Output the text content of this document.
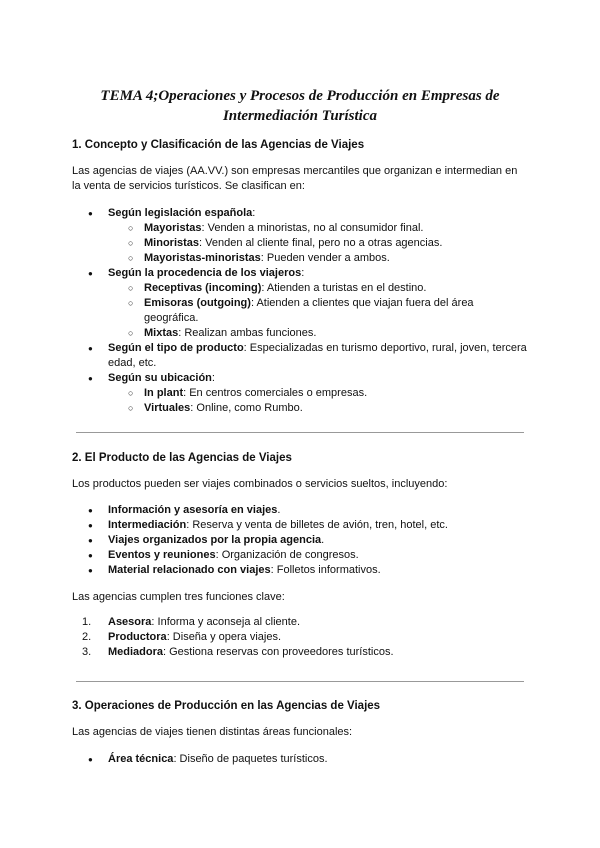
TEMA 4;Operaciones y Procesos de Producción en Empresas de Intermediación Turística
1. Concepto y Clasificación de las Agencias de Viajes

Las agencias de viajes (AA.VV.) son empresas mercantiles que organizan e intermedian en la venta de servicios turísticos. Se clasifican en:

● Según legislación española:
○ Mayoristas: Venden a minoristas, no al consumidor final.
○ Minoristas: Venden al cliente final, pero no a otras agencias.
○ Mayoristas-minoristas: Pueden vender a ambos.
● Según la procedencia de los viajeros:
○ Receptivas (incoming): Atienden a turistas en el destino.
○ Emisoras (outgoing): Atienden a clientes que viajan fuera del área geográfica.
○ Mixtas: Realizan ambas funciones.
● Según el tipo de producto: Especializadas en turismo deportivo, rural, joven, tercera edad, etc.
● Según su ubicación:
○ In plant: En centros comerciales o empresas.
○ Virtuales: Online, como Rumbo.
2. El Producto de las Agencias de Viajes

Los productos pueden ser viajes combinados o servicios sueltos, incluyendo:

● Información y asesoría en viajes.
● Intermediación: Reserva y venta de billetes de avión, tren, hotel, etc.
● Viajes organizados por la propia agencia.
● Eventos y reuniones: Organización de congresos.
● Material relacionado con viajes: Folletos informativos.

Las agencias cumplen tres funciones clave:

1. Asesora: Informa y aconseja al cliente.
2. Productora: Diseña y opera viajes.
3. Mediadora: Gestiona reservas con proveedores turísticos.
3. Operaciones de Producción en las Agencias de Viajes

Las agencias de viajes tienen distintas áreas funcionales:

● Área técnica: Diseño de paquetes turísticos.
